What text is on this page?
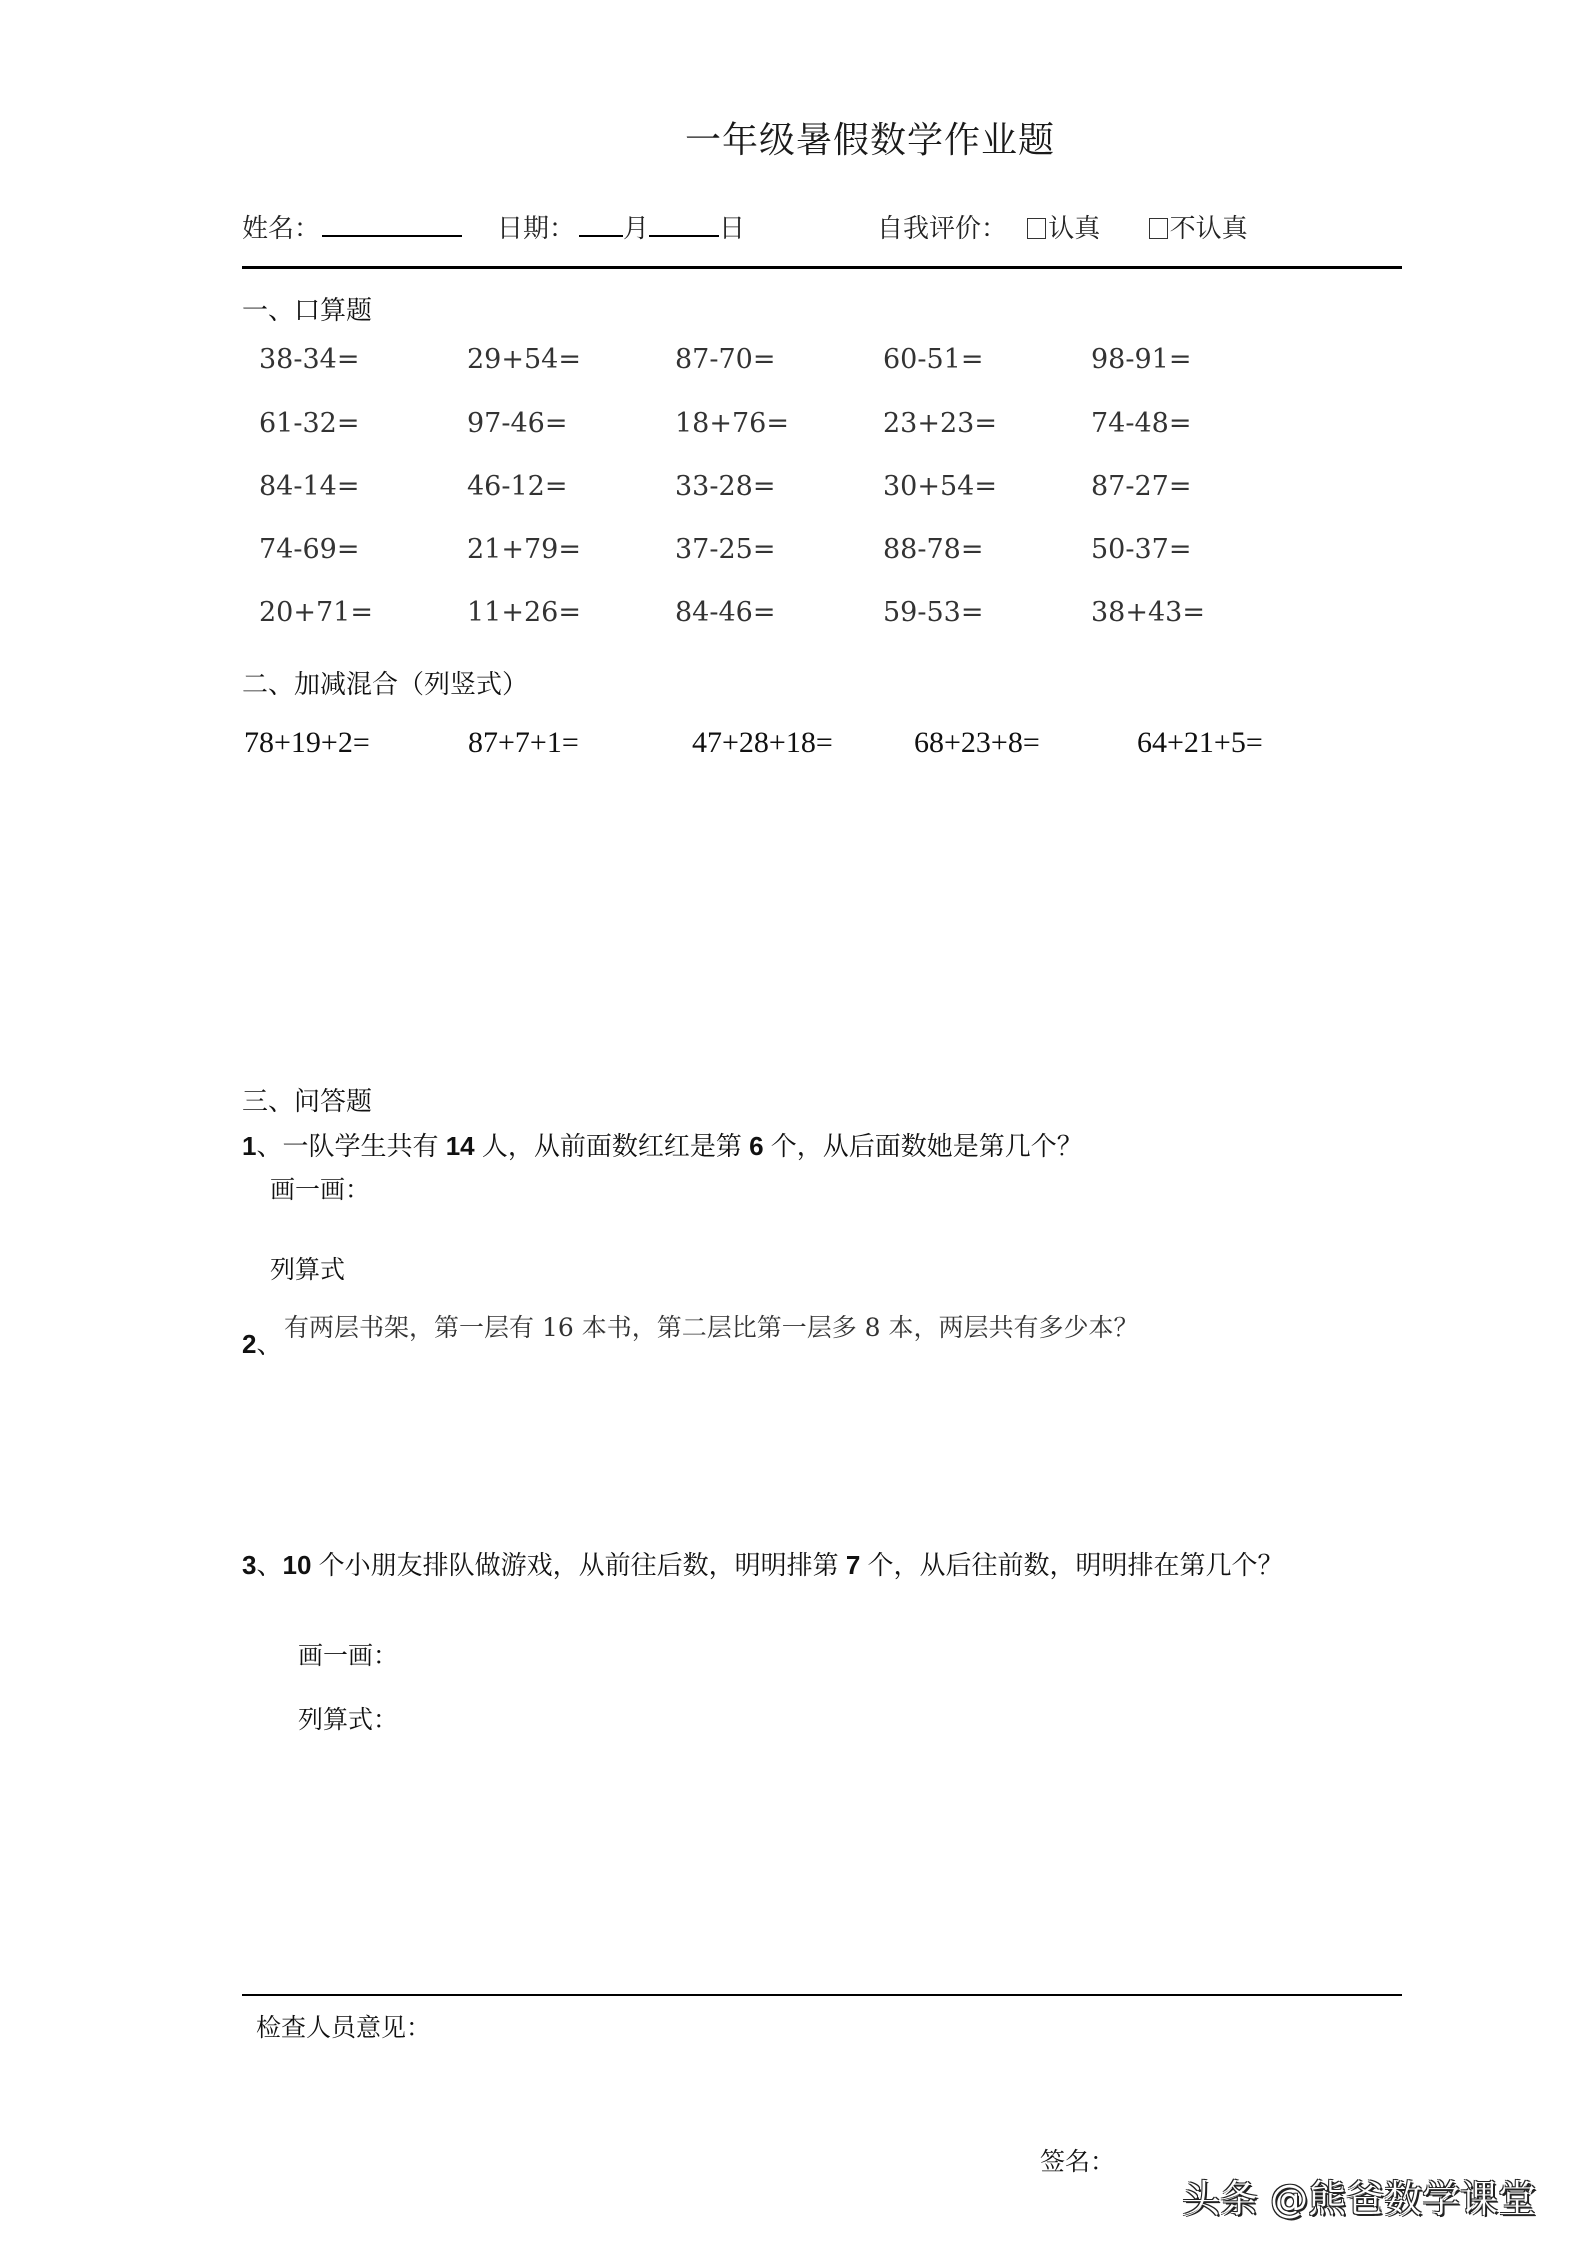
一年级暑假数学作业题
姓名：	日期： 月	日	自我评价： 认真	不认真
一、口算题
38-34=	29+54=	87-70=	60-51=	98-91=
61-32=	97-46=	18+76=	23+23=	74-48=
84-14=	46-12=	33-28=	30+54=	87-27=
74-69=	21+79=	37-25=	88-78=	50-37=
20+71=	11+26=	84-46=	59-53=	38+43=
二、加减混合（列竖式）
78+19+2=	87+7+1=	47+28+18=	68+23+8=	64+21+5=
三、问答题
1、一队学生共有 14 人，从前面数红红是第 6 个，从后面数她是第几个？
画一画：
列算式
2、
有两层书架，第一层有 16 本书，第二层比第一层多 8 本，两层共有多少本？
3、10 个小朋友排队做游戏，从前往后数，明明排第 7 个，从后往前数，明明排在第几个？
画一画：
列算式：
检查人员意见：
签名：
头条 @熊爸数学课堂
